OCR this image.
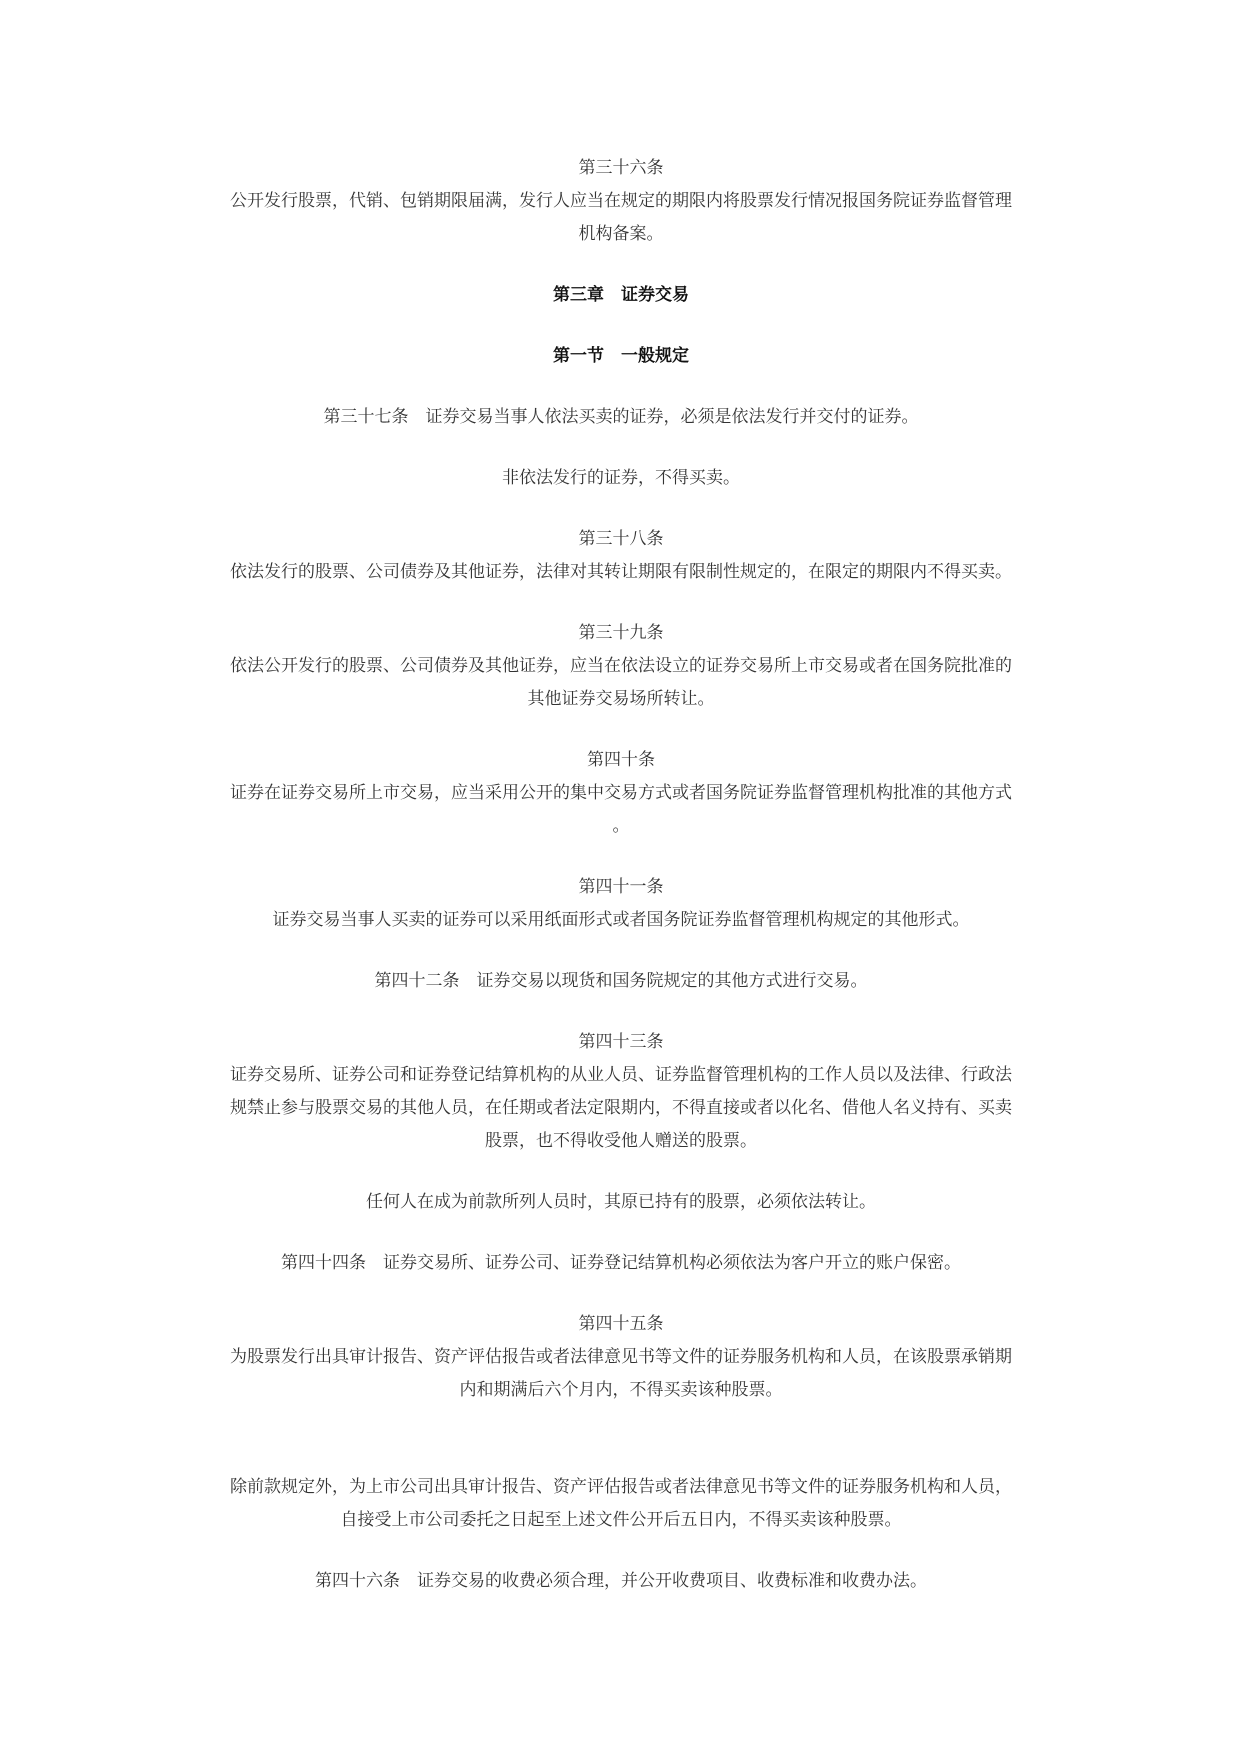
第三十六条

公开发行股票，代销、包销期限届满，发行人应当在规定的期限内将股票发行情况报国务院证券监督管理

机构备案。

第三章　证券交易

第一节　一般规定

第三十七条　证券交易当事人依法买卖的证券，必须是依法发行并交付的证券。

非依法发行的证券，不得买卖。

第三十八条

依法发行的股票、公司债券及其他证券，法律对其转让期限有限制性规定的，在限定的期限内不得买卖。

第三十九条

依法公开发行的股票、公司债券及其他证券，应当在依法设立的证券交易所上市交易或者在国务院批准的

其他证券交易场所转让。

第四十条

证券在证券交易所上市交易，应当采用公开的集中交易方式或者国务院证券监督管理机构批准的其他方式

。

第四十一条

证券交易当事人买卖的证券可以采用纸面形式或者国务院证券监督管理机构规定的其他形式。

第四十二条　证券交易以现货和国务院规定的其他方式进行交易。

第四十三条

证券交易所、证券公司和证券登记结算机构的从业人员、证券监督管理机构的工作人员以及法律、行政法

规禁止参与股票交易的其他人员，在任期或者法定限期内，不得直接或者以化名、借他人名义持有、买卖

股票，也不得收受他人赠送的股票。

任何人在成为前款所列人员时，其原已持有的股票，必须依法转让。

第四十四条　证券交易所、证券公司、证券登记结算机构必须依法为客户开立的账户保密。

第四十五条

为股票发行出具审计报告、资产评估报告或者法律意见书等文件的证券服务机构和人员，在该股票承销期

内和期满后六个月内，不得买卖该种股票。

除前款规定外，为上市公司出具审计报告、资产评估报告或者法律意见书等文件的证券服务机构和人员，

自接受上市公司委托之日起至上述文件公开后五日内，不得买卖该种股票。

第四十六条　证券交易的收费必须合理，并公开收费项目、收费标准和收费办法。
